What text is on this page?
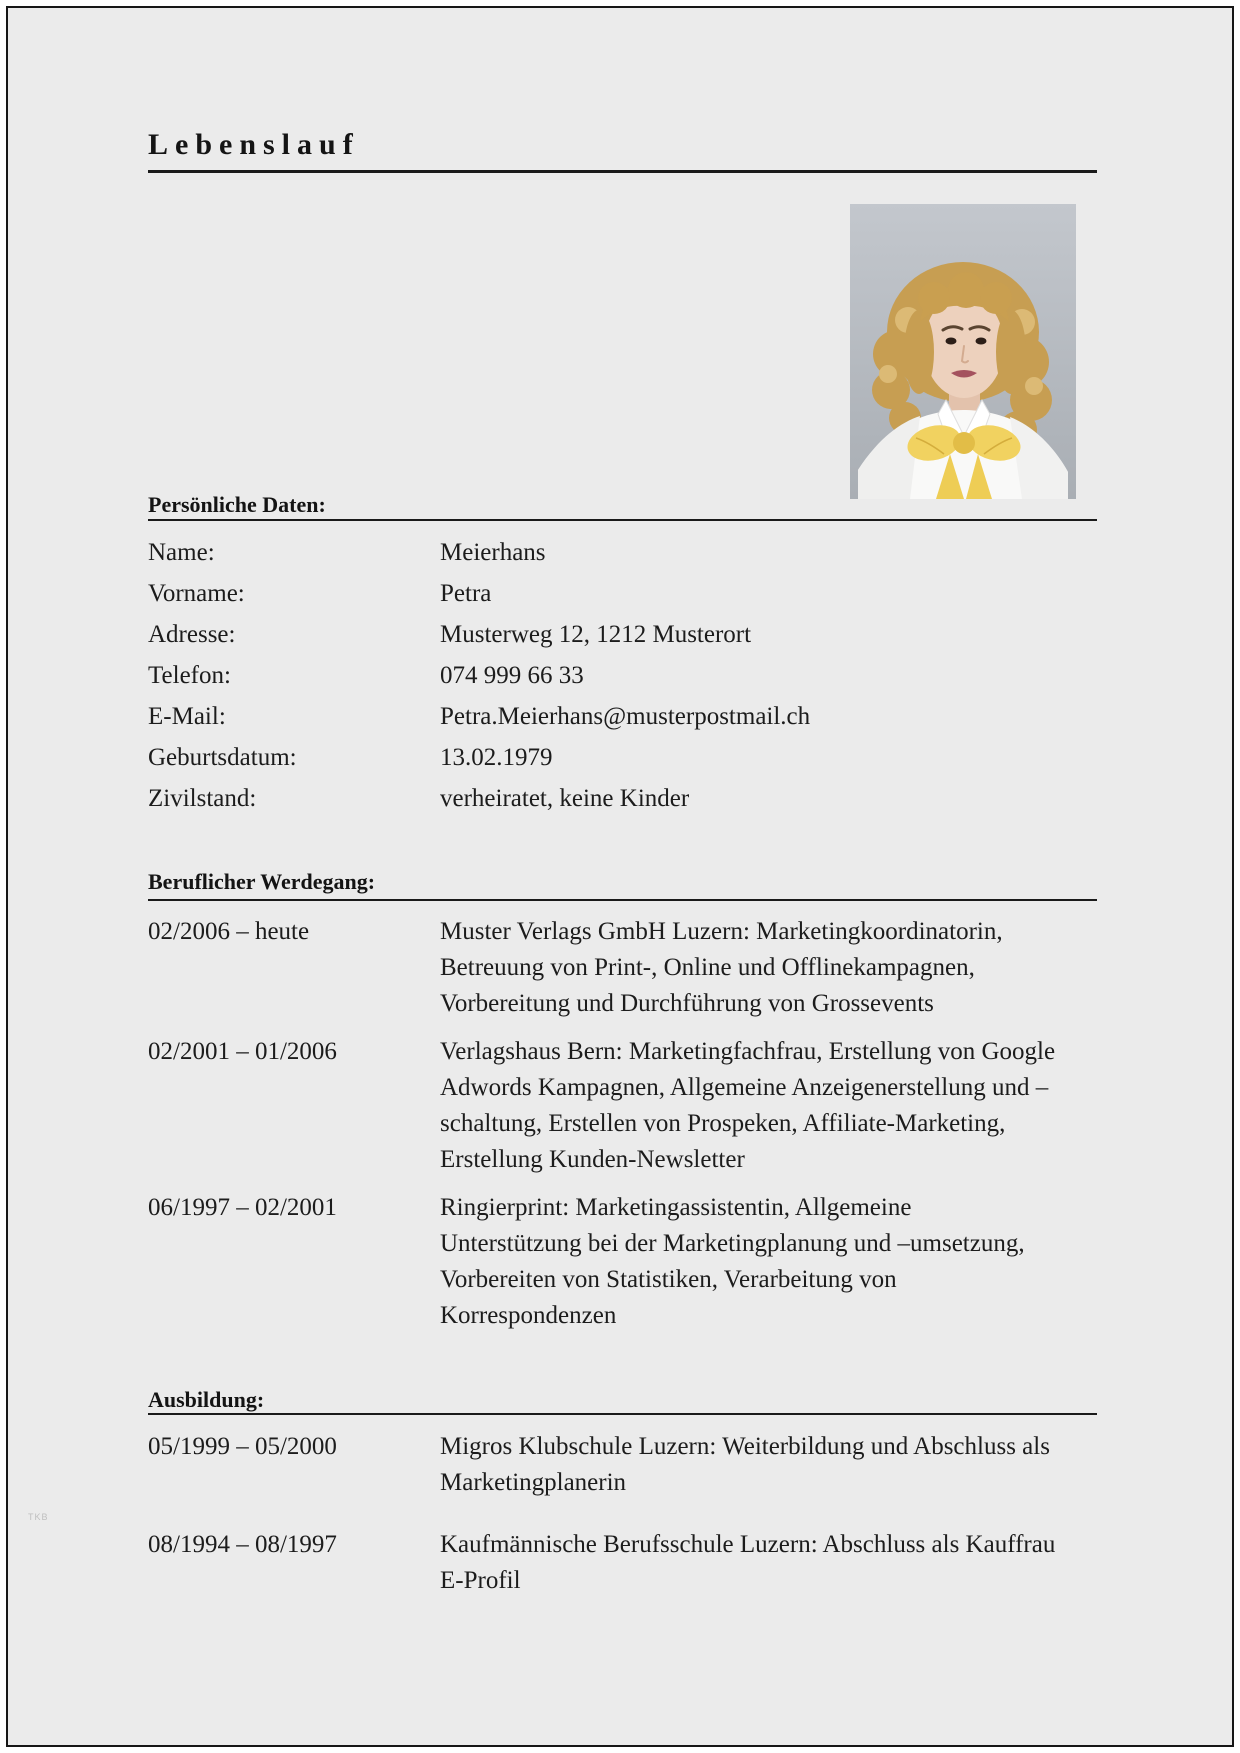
Lebenslauf
Persönliche Daten:
Name:	Meierhans
Vorname:	Petra
Adresse:	Musterweg 12, 1212 Musterort
Telefon:	074 999 66 33
E-Mail:	Petra.Meierhans@musterpostmail.ch
Geburtsdatum:	13.02.1979
Zivilstand:	verheiratet, keine Kinder
Beruflicher Werdegang:
02/2006 – heute	Muster Verlags GmbH Luzern: Marketingkoordinatorin,
Betreuung von Print-, Online und Offlinekampagnen,
Vorbereitung und Durchführung von Grossevents
02/2001 – 01/2006	Verlagshaus Bern: Marketingfachfrau, Erstellung von Google
Adwords Kampagnen, Allgemeine Anzeigenerstellung und –
schaltung, Erstellen von Prospeken, Affiliate-Marketing,
Erstellung Kunden-Newsletter
06/1997 – 02/2001	Ringierprint: Marketingassistentin, Allgemeine
Unterstützung bei der Marketingplanung und –umsetzung,
Vorbereiten von Statistiken, Verarbeitung von
Korrespondenzen
Ausbildung:
05/1999 – 05/2000	Migros Klubschule Luzern: Weiterbildung und Abschluss als
Marketingplanerin
08/1994 – 08/1997	Kaufmännische Berufsschule Luzern: Abschluss als Kauffrau
E-Profil
TKB
